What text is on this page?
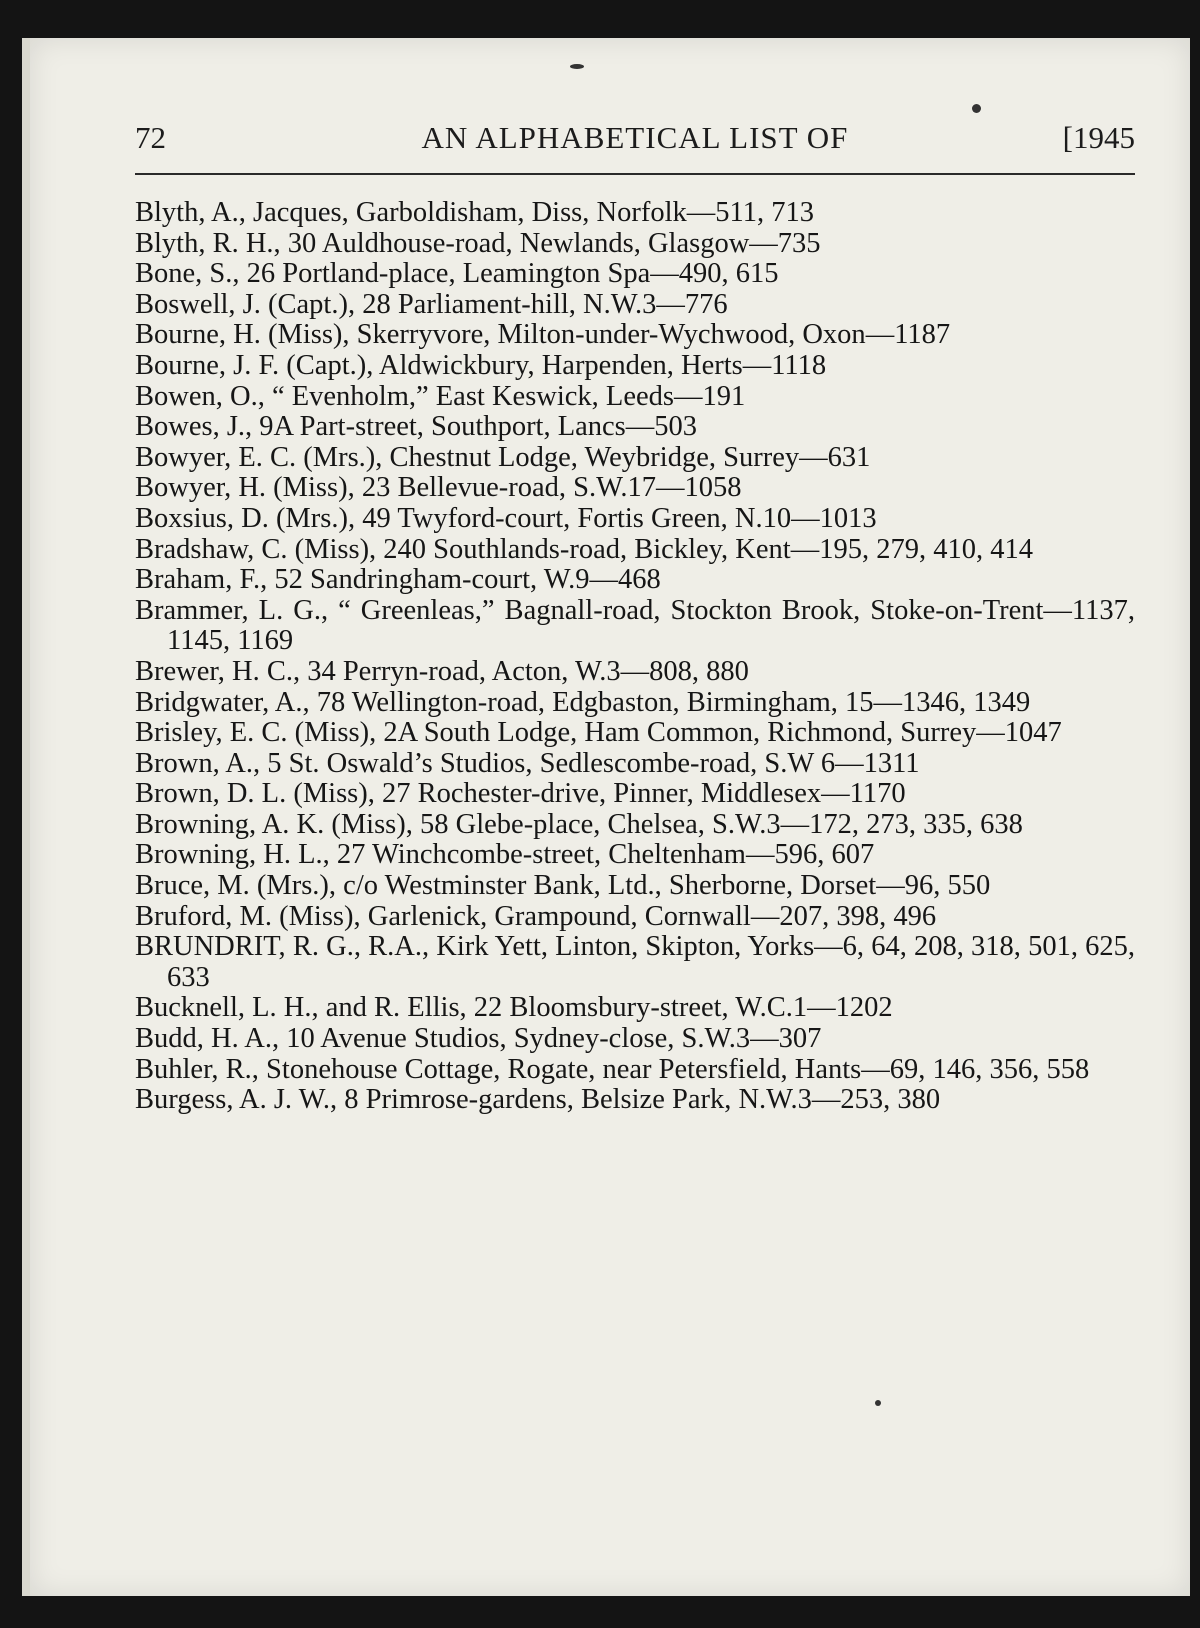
72	AN ALPHABETICAL LIST OF	[1945
Blyth, A., Jacques, Garboldisham, Diss, Norfolk—511, 713
Blyth, R. H., 30 Auldhouse-road, Newlands, Glasgow—735
Bone, S., 26 Portland-place, Leamington Spa—490, 615
Boswell, J. (Capt.), 28 Parliament-hill, N.W.3—776
Bourne, H. (Miss), Skerryvore, Milton-under-Wychwood, Oxon—1187
Bourne, J. F. (Capt.), Aldwickbury, Harpenden, Herts—1118
Bowen, O., “ Evenholm,” East Keswick, Leeds—191
Bowes, J., 9A Part-street, Southport, Lancs—503
Bowyer, E. C. (Mrs.), Chestnut Lodge, Weybridge, Surrey—631
Bowyer, H. (Miss), 23 Bellevue-road, S.W.17—1058
Boxsius, D. (Mrs.), 49 Twyford-court, Fortis Green, N.10—1013
Bradshaw, C. (Miss), 240 Southlands-road, Bickley, Kent—195, 279, 410, 414
Braham, F., 52 Sandringham-court, W.9—468
Brammer, L. G., “ Greenleas,” Bagnall-road, Stockton Brook, Stoke-on-Trent—1137, 1145, 1169
Brewer, H. C., 34 Perryn-road, Acton, W.3—808, 880
Bridgwater, A., 78 Wellington-road, Edgbaston, Birmingham, 15—1346, 1349
Brisley, E. C. (Miss), 2A South Lodge, Ham Common, Richmond, Surrey—1047
Brown, A., 5 St. Oswald’s Studios, Sedlescombe-road, S.W 6—1311
Brown, D. L. (Miss), 27 Rochester-drive, Pinner, Middlesex—1170
Browning, A. K. (Miss), 58 Glebe-place, Chelsea, S.W.3—172, 273, 335, 638
Browning, H. L., 27 Winchcombe-street, Cheltenham—596, 607
Bruce, M. (Mrs.), c/o Westminster Bank, Ltd., Sherborne, Dorset—96, 550
Bruford, M. (Miss), Garlenick, Grampound, Cornwall—207, 398, 496
BRUNDRIT, R. G., R.A., Kirk Yett, Linton, Skipton, Yorks—6, 64, 208, 318, 501, 625, 633
Bucknell, L. H., and R. Ellis, 22 Bloomsbury-street, W.C.1—1202
Budd, H. A., 10 Avenue Studios, Sydney-close, S.W.3—307
Buhler, R., Stonehouse Cottage, Rogate, near Petersfield, Hants—69, 146, 356, 558
Burgess, A. J. W., 8 Primrose-gardens, Belsize Park, N.W.3—253, 380
